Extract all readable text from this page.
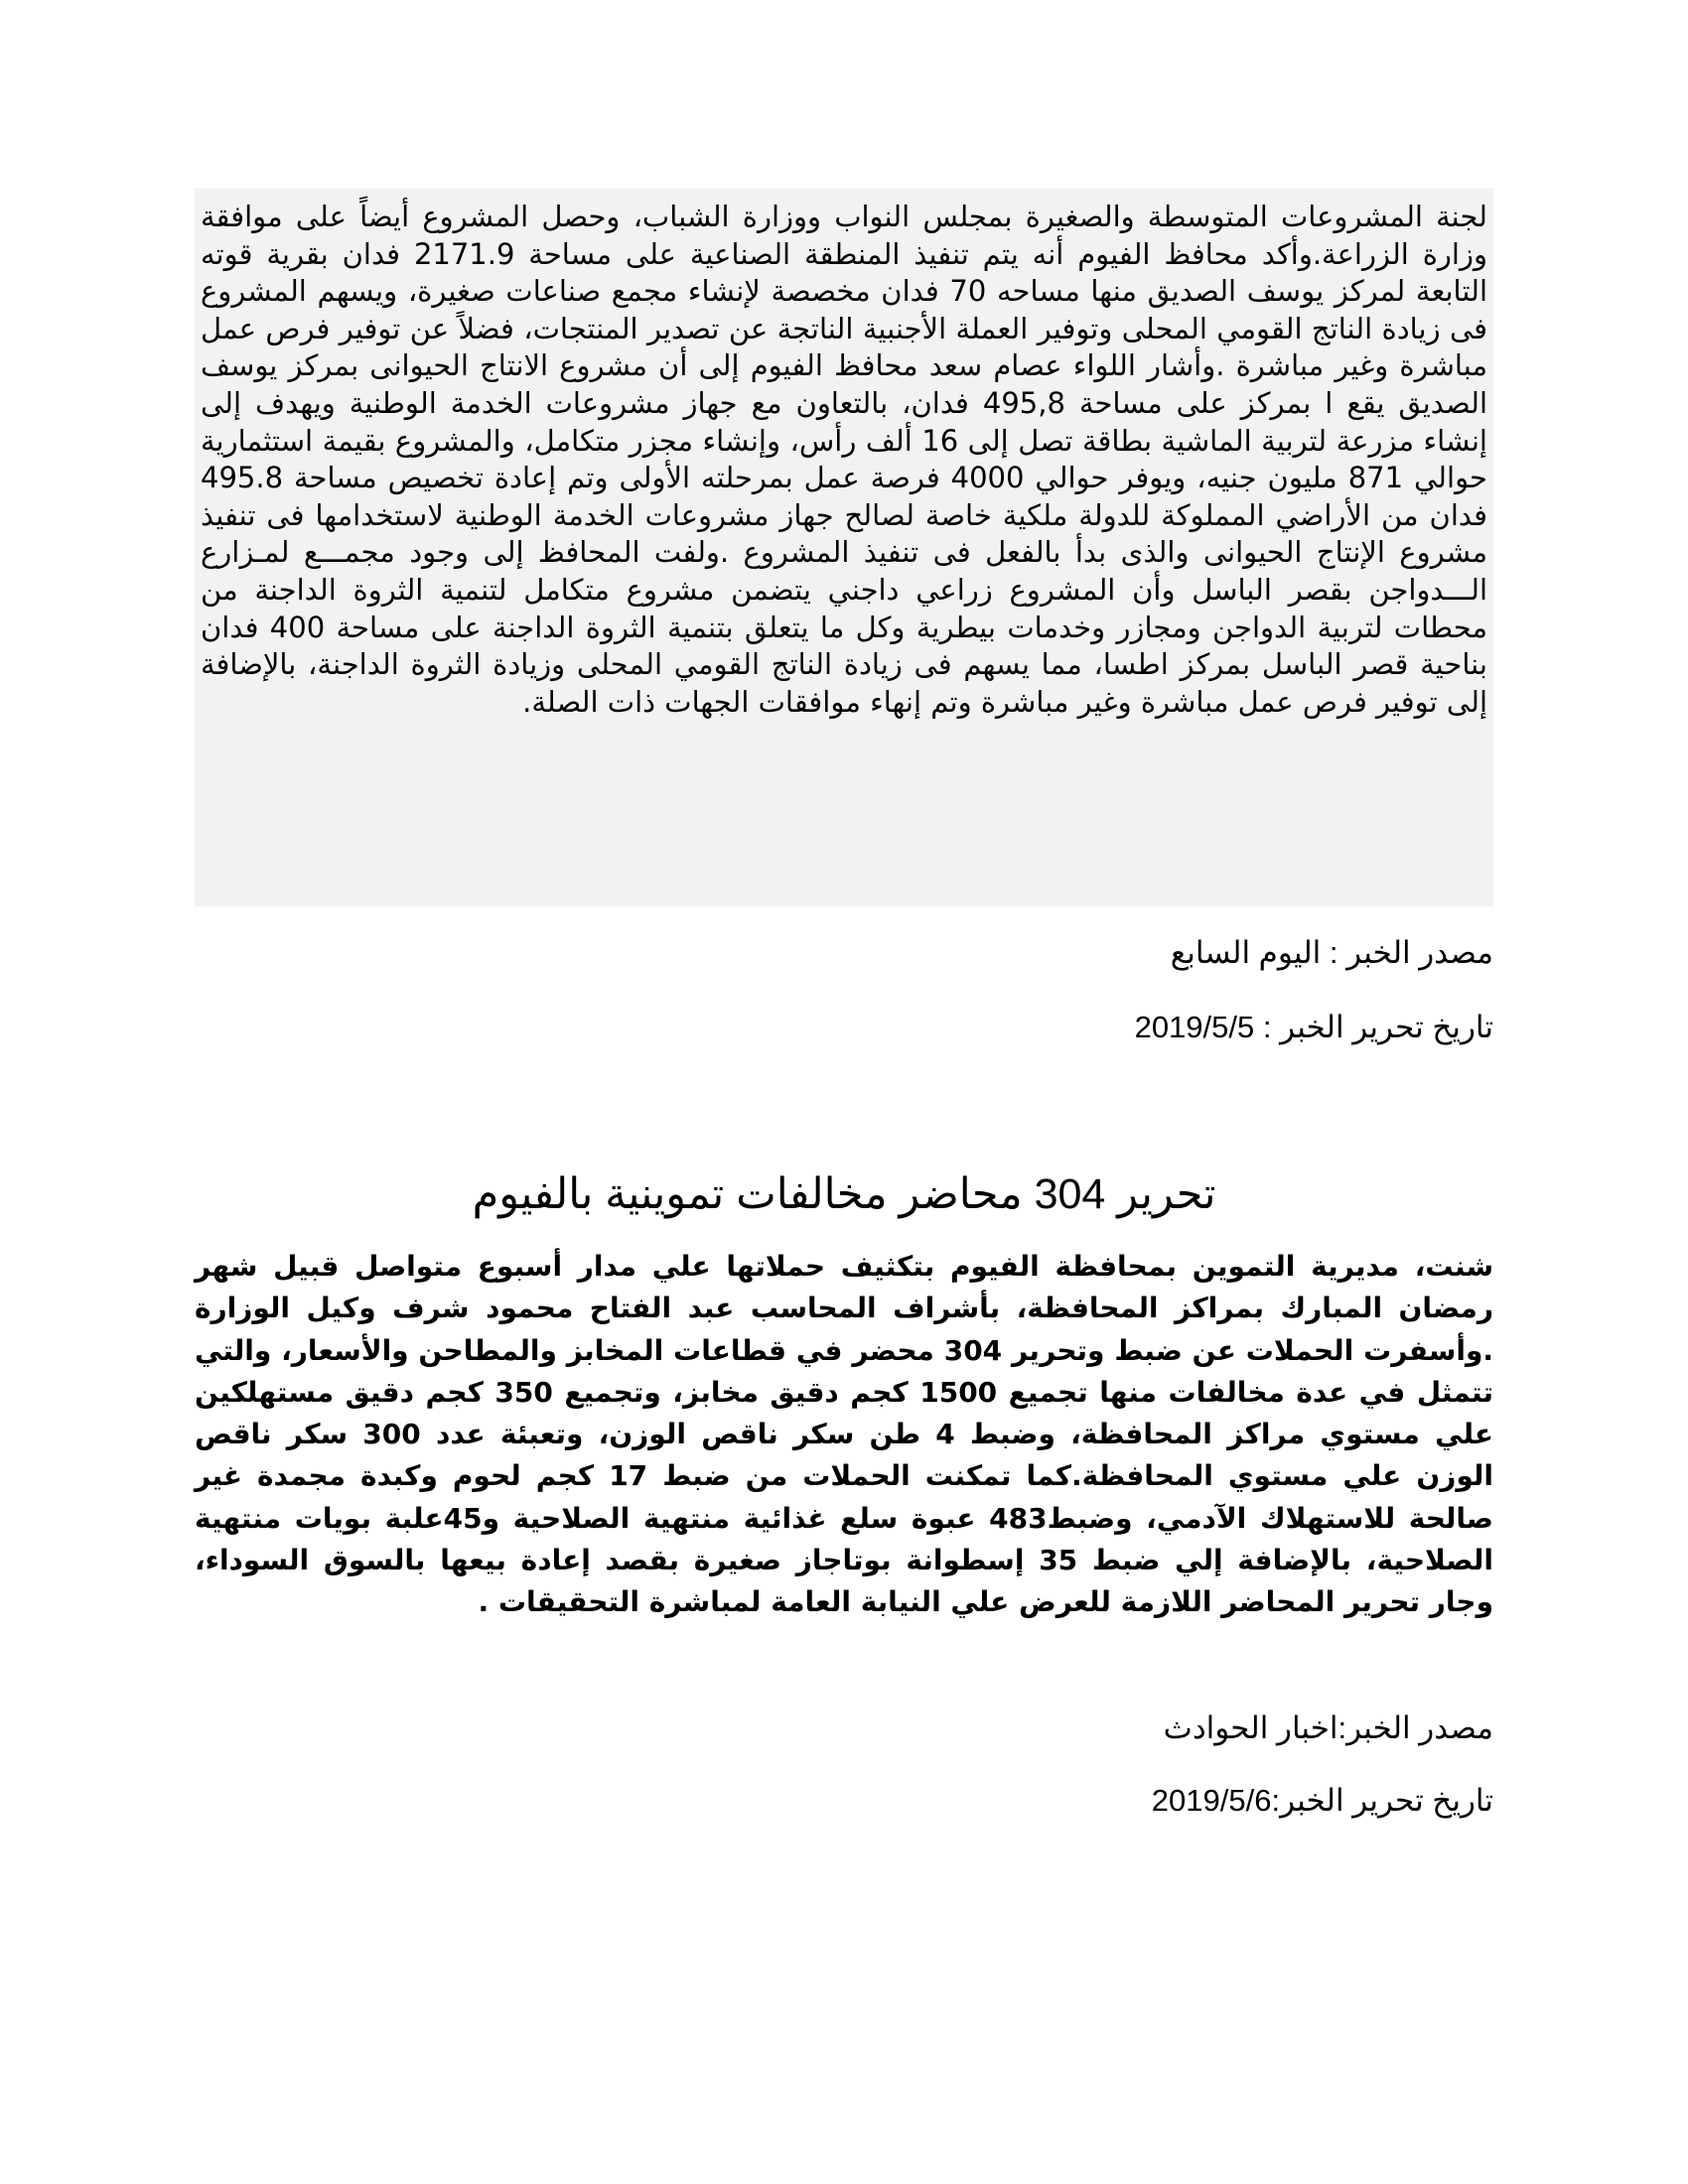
لجنة المشروعات المتوسطة والصغيرة بمجلس النواب ووزارة الشباب، وحصل المشروع أيضاً على موافقة وزارة الزراعة.وأكد محافظ الفيوم أنه يتم تنفيذ المنطقة الصناعية على مساحة 2171.9 فدان بقرية قوته التابعة لمركز يوسف الصديق منها مساحه 70 فدان مخصصة لإنشاء مجمع صناعات صغيرة، ويسهم المشروع فى زيادة الناتج القومي المحلى وتوفير العملة الأجنبية الناتجة عن تصدير المنتجات، فضلاً عن توفير فرص عمل مباشرة وغير مباشرة .وأشار اللواء عصام سعد محافظ الفيوم إلى أن مشروع الانتاج الحيوانى بمركز يوسف الصديق يقع ا بمركز على مساحة 495,8 فدان، بالتعاون مع جهاز مشروعات الخدمة الوطنية ويهدف إلى إنشاء مزرعة لتربية الماشية بطاقة تصل إلى 16 ألف رأس، وإنشاء مجزر متكامل، والمشروع بقيمة استثمارية حوالي 871 مليون جنيه، ويوفر حوالي 4000 فرصة عمل بمرحلته الأولى وتم إعادة تخصيص مساحة 495.8 فدان من الأراضي المملوكة للدولة ملكية خاصة لصالح جهاز مشروعات الخدمة الوطنية لاستخدامها فى تنفيذ مشروع الإنتاج الحيوانى والذى بدأ بالفعل فى تنفيذ المشروع .ولفت المحافظ إلى وجود مجمـــع لمـزارع الـــدواجن بقصر الباسل وأن المشروع زراعي داجني يتضمن مشروع متكامل لتنمية الثروة الداجنة من محطات لتربية الدواجن ومجازر وخدمات بيطرية وكل ما يتعلق بتنمية الثروة الداجنة على مساحة 400 فدان بناحية قصر الباسل بمركز اطسا، مما يسهم فى زيادة الناتج القومي المحلى وزيادة الثروة الداجنة، بالإضافة إلى توفير فرص عمل مباشرة وغير مباشرة وتم إنهاء موافقات الجهات ذات الصلة.

مصدر الخبر : اليوم السابع
تاريخ تحرير الخبر : 2019/5/5
تحرير 304 محاضر مخالفات تموينية بالفيوم

شنت، مديرية التموين بمحافظة الفيوم بتكثيف حملاتها علي مدار أسبوع متواصل قبيل شهر رمضان المبارك بمراكز المحافظة، بأشراف المحاسب عبد الفتاح محمود شرف وكيل الوزارة .وأسفرت الحملات عن ضبط وتحرير 304 محضر في قطاعات المخابز والمطاحن والأسعار، والتي تتمثل في عدة مخالفات منها تجميع 1500 كجم دقيق مخابز، وتجميع 350 كجم دقيق مستهلكين علي مستوي مراكز المحافظة، وضبط 4 طن سكر ناقص الوزن، وتعبئة عدد 300 سكر ناقص الوزن علي مستوي المحافظة.كما تمكنت الحملات من ضبط 17 كجم لحوم وكبدة مجمدة غير صالحة للاستهلاك الآدمي، وضبط483 عبوة سلع غذائية منتهية الصلاحية و45علبة بويات منتهية الصلاحية، بالإضافة إلي ضبط 35 إسطوانة بوتاجاز صغيرة بقصد إعادة بيعها بالسوق السوداء، وجار تحرير المحاضر اللازمة للعرض علي النيابة العامة لمباشرة التحقيقات .

مصدر الخبر:اخبار الحوادث
تاريخ تحرير الخبر:2019/5/6
